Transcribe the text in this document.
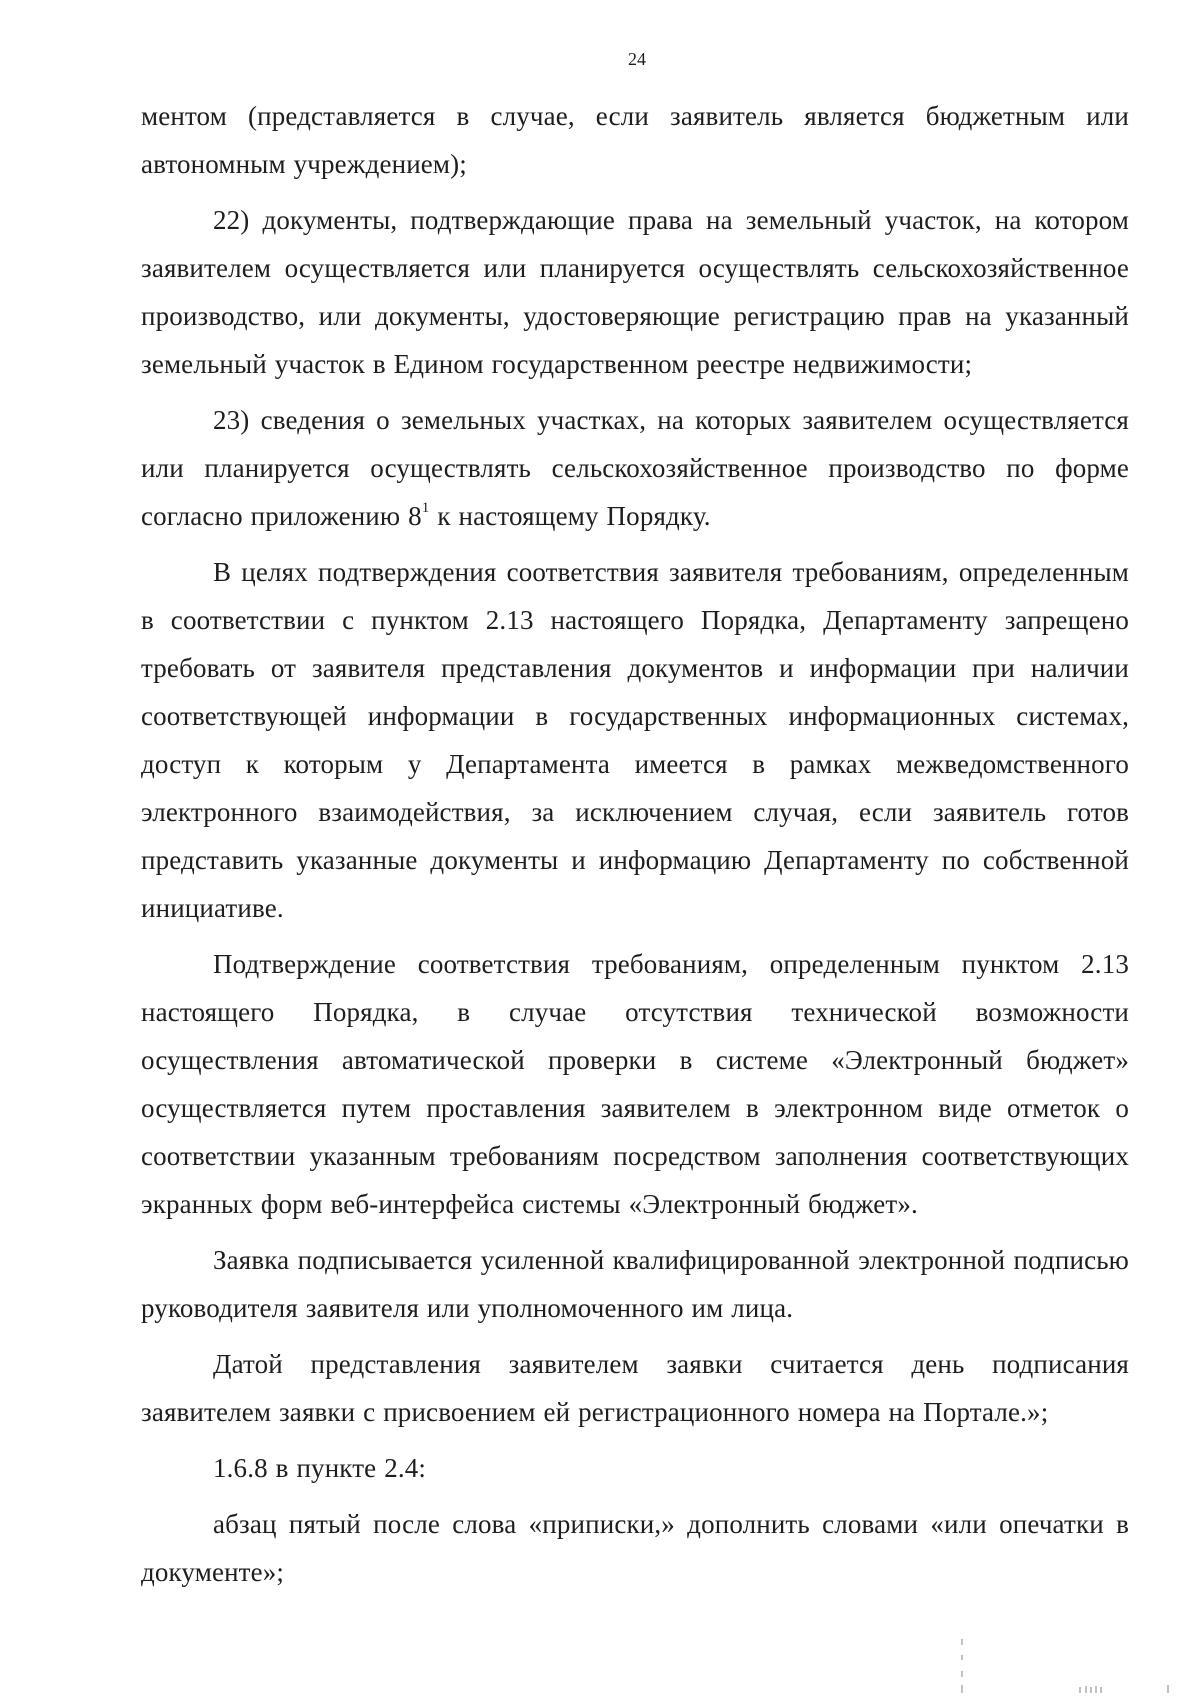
24

ментом (представляется в случае, если заявитель является бюджетным или автономным учреждением);

22) документы, подтверждающие права на земельный участок, на котором заявителем осуществляется или планируется осуществлять сельскохозяйственное производство, или документы, удостоверяющие регистрацию прав на указанный земельный участок в Едином государственном реестре недвижимости;

23) сведения о земельных участках, на которых заявителем осуществляется или планируется осуществлять сельскохозяйственное производство по форме согласно приложению $8^1$ к настоящему Порядку.

В целях подтверждения соответствия заявителя требованиям, определенным в соответствии с пунктом 2.13 настоящего Порядка, Департаменту запрещено требовать от заявителя представления документов и информации при наличии соответствующей информации в государственных информационных системах, доступ к которым у Департамента имеется в рамках межведомственного электронного взаимодействия, за исключением случая, если заявитель готов представить указанные документы и информацию Департаменту по собственной инициативе.

Подтверждение соответствия требованиям, определенным пунктом 2.13 настоящего Порядка, в случае отсутствия технической возможности осуществления автоматической проверки в системе «Электронный бюджет» осуществляется путем проставления заявителем в электронном виде отметок о соответствии указанным требованиям посредством заполнения соответствующих экранных форм веб-интерфейса системы «Электронный бюджет».

Заявка подписывается усиленной квалифицированной электронной подписью руководителя заявителя или уполномоченного им лица.

Датой представления заявителем заявки считается день подписания заявителем заявки с присвоением ей регистрационного номера на Портале.»;

1.6.8 в пункте 2.4:

абзац пятый после слова «приписки,» дополнить словами «или опечатки в документе»;
